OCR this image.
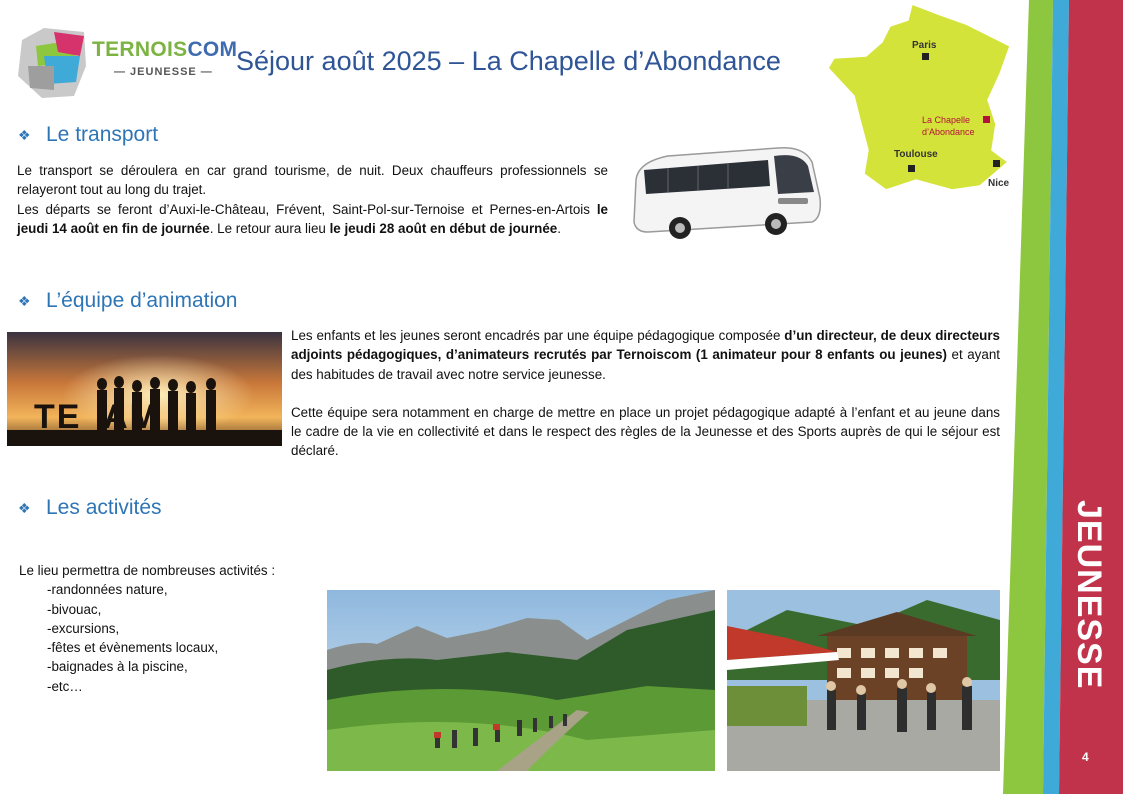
TERNOISCOM
— JEUNESSE — Séjour août 2025 – La Chapelle d’Abondance
Paris
Toulouse
Nice
La Chapelle
d’Abondance
❖ Le transport
Le transport se déroulera en car grand tourisme, de nuit. Deux chauffeurs professionnels se relayeront tout au long du trajet.
Les départs se feront d’Auxi-le-Château, Frévent, Saint-Pol-sur-Ternoise et Pernes-en-Artois le jeudi 14 août en fin de journée. Le retour aura lieu le jeudi 28 août en début de journée.
❖ L’équipe d’animation
TE  AM
Les enfants et les jeunes seront encadrés par une équipe pédagogique composée d’un directeur, de deux directeurs adjoints pédagogiques, d’animateurs recrutés par Ternoiscom (1 animateur pour 8 enfants ou jeunes) et ayant des habitudes de travail avec notre service jeunesse.
Cette équipe sera notamment en charge de mettre en place un projet pédagogique adapté à l’enfant et au jeune dans le cadre de la vie en collectivité et dans le respect des règles de la Jeunesse et des Sports auprès de qui le séjour est déclaré.
❖ Les activités
Le lieu permettra de nombreuses activités :
-randonnées nature,
-bivouac,
-excursions,
-fêtes et évènements locaux,
-baignades à la piscine,
-etc…	JEUNESSE
4
